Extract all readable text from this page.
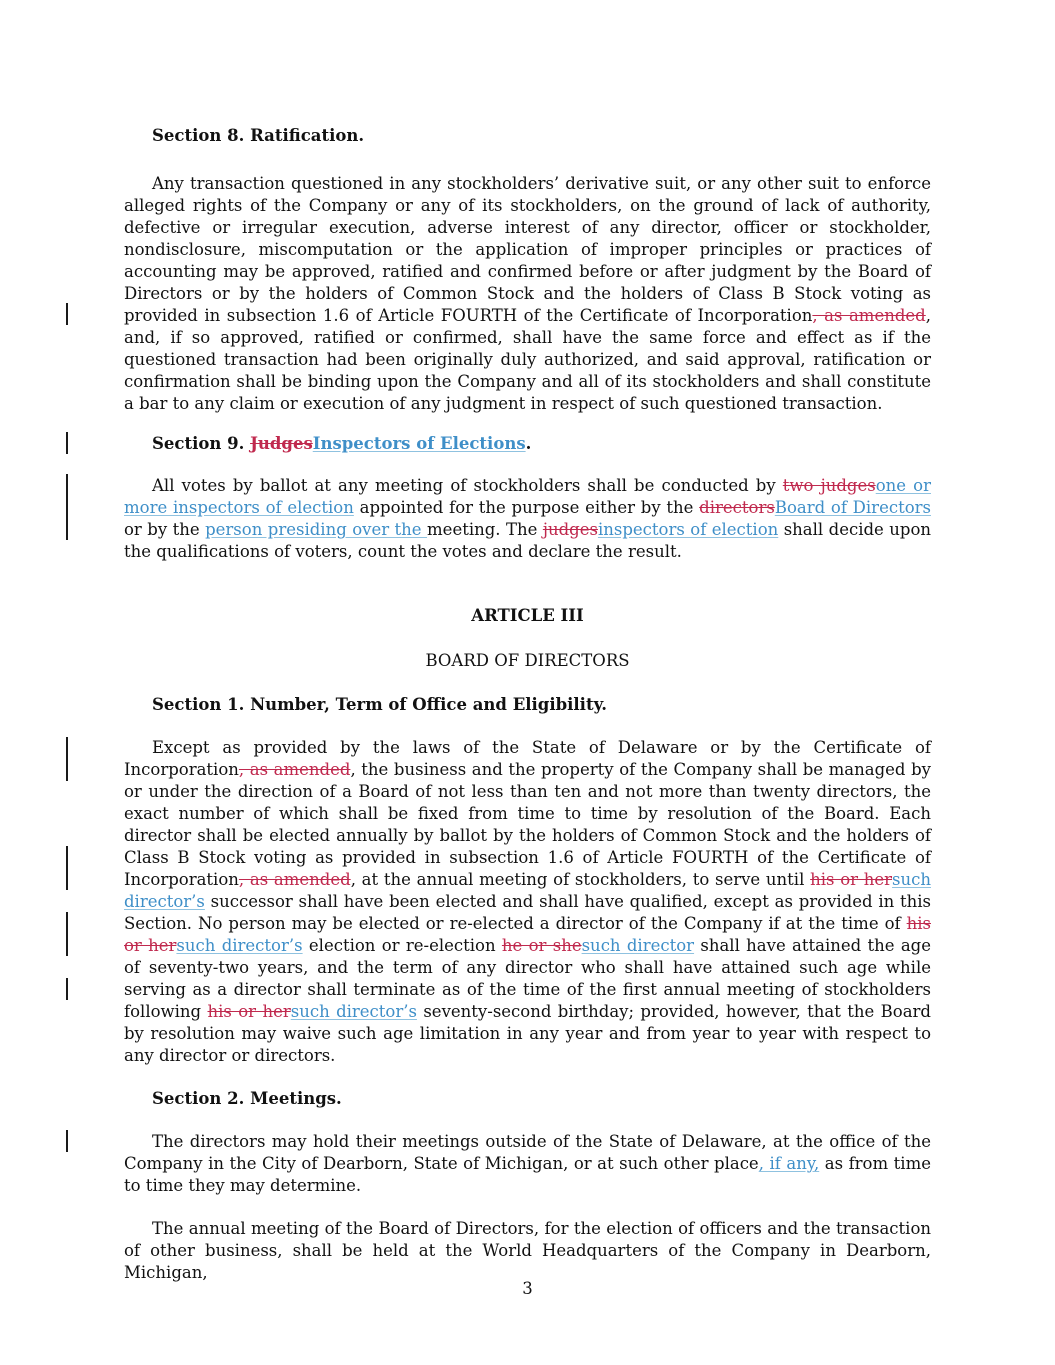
Section 8. Ratification.

Any transaction questioned in any stockholders’ derivative suit, or any other suit to enforce alleged rights of the Company or any of its stockholders, on the ground of lack of authority, defective or irregular execution, adverse interest of any director, officer or stockholder, nondisclosure, miscomputation or the application of improper principles or practices of accounting may be approved, ratified and confirmed before or after judgment by the Board of Directors or by the holders of Common Stock and the holders of Class B Stock voting as provided in subsection 1.6 of Article FOURTH of the Certificate of Incorporation, as amended, and, if so approved, ratified or confirmed, shall have the same force and effect as if the questioned transaction had been originally duly authorized, and said approval, ratification or confirmation shall be binding upon the Company and all of its stockholders and shall constitute a bar to any claim or execution of any judgment in respect of such questioned transaction.

Section 9. JudgesInspectors of Elections.

All votes by ballot at any meeting of stockholders shall be conducted by two judgesone or more inspectors of election appointed for the purpose either by the directorsBoard of Directors or by the person presiding over the meeting. The judgesinspectors of election shall decide upon the qualifications of voters, count the votes and declare the result.

ARTICLE III

BOARD OF DIRECTORS

Section 1. Number, Term of Office and Eligibility.

Except as provided by the laws of the State of Delaware or by the Certificate of Incorporation, as amended, the business and the property of the Company shall be managed by or under the direction of a Board of not less than ten and not more than twenty directors, the exact number of which shall be fixed from time to time by resolution of the Board. Each director shall be elected annually by ballot by the holders of Common Stock and the holders of Class B Stock voting as provided in subsection 1.6 of Article FOURTH of the Certificate of Incorporation, as amended, at the annual meeting of stockholders, to serve until his or hersuch director’s successor shall have been elected and shall have qualified, except as provided in this Section. No person may be elected or re-elected a director of the Company if at the time of his or hersuch director’s election or re-election he or shesuch director shall have attained the age of seventy-two years, and the term of any director who shall have attained such age while serving as a director shall terminate as of the time of the first annual meeting of stockholders following his or hersuch director’s seventy-second birthday; provided, however, that the Board by resolution may waive such age limitation in any year and from year to year with respect to any director or directors.

Section 2. Meetings.

The directors may hold their meetings outside of the State of Delaware, at the office of the Company in the City of Dearborn, State of Michigan, or at such other place, if any, as from time to time they may determine.

The annual meeting of the Board of Directors, for the election of officers and the transaction of other business, shall be held at the World Headquarters of the Company in Dearborn, Michigan,

3
